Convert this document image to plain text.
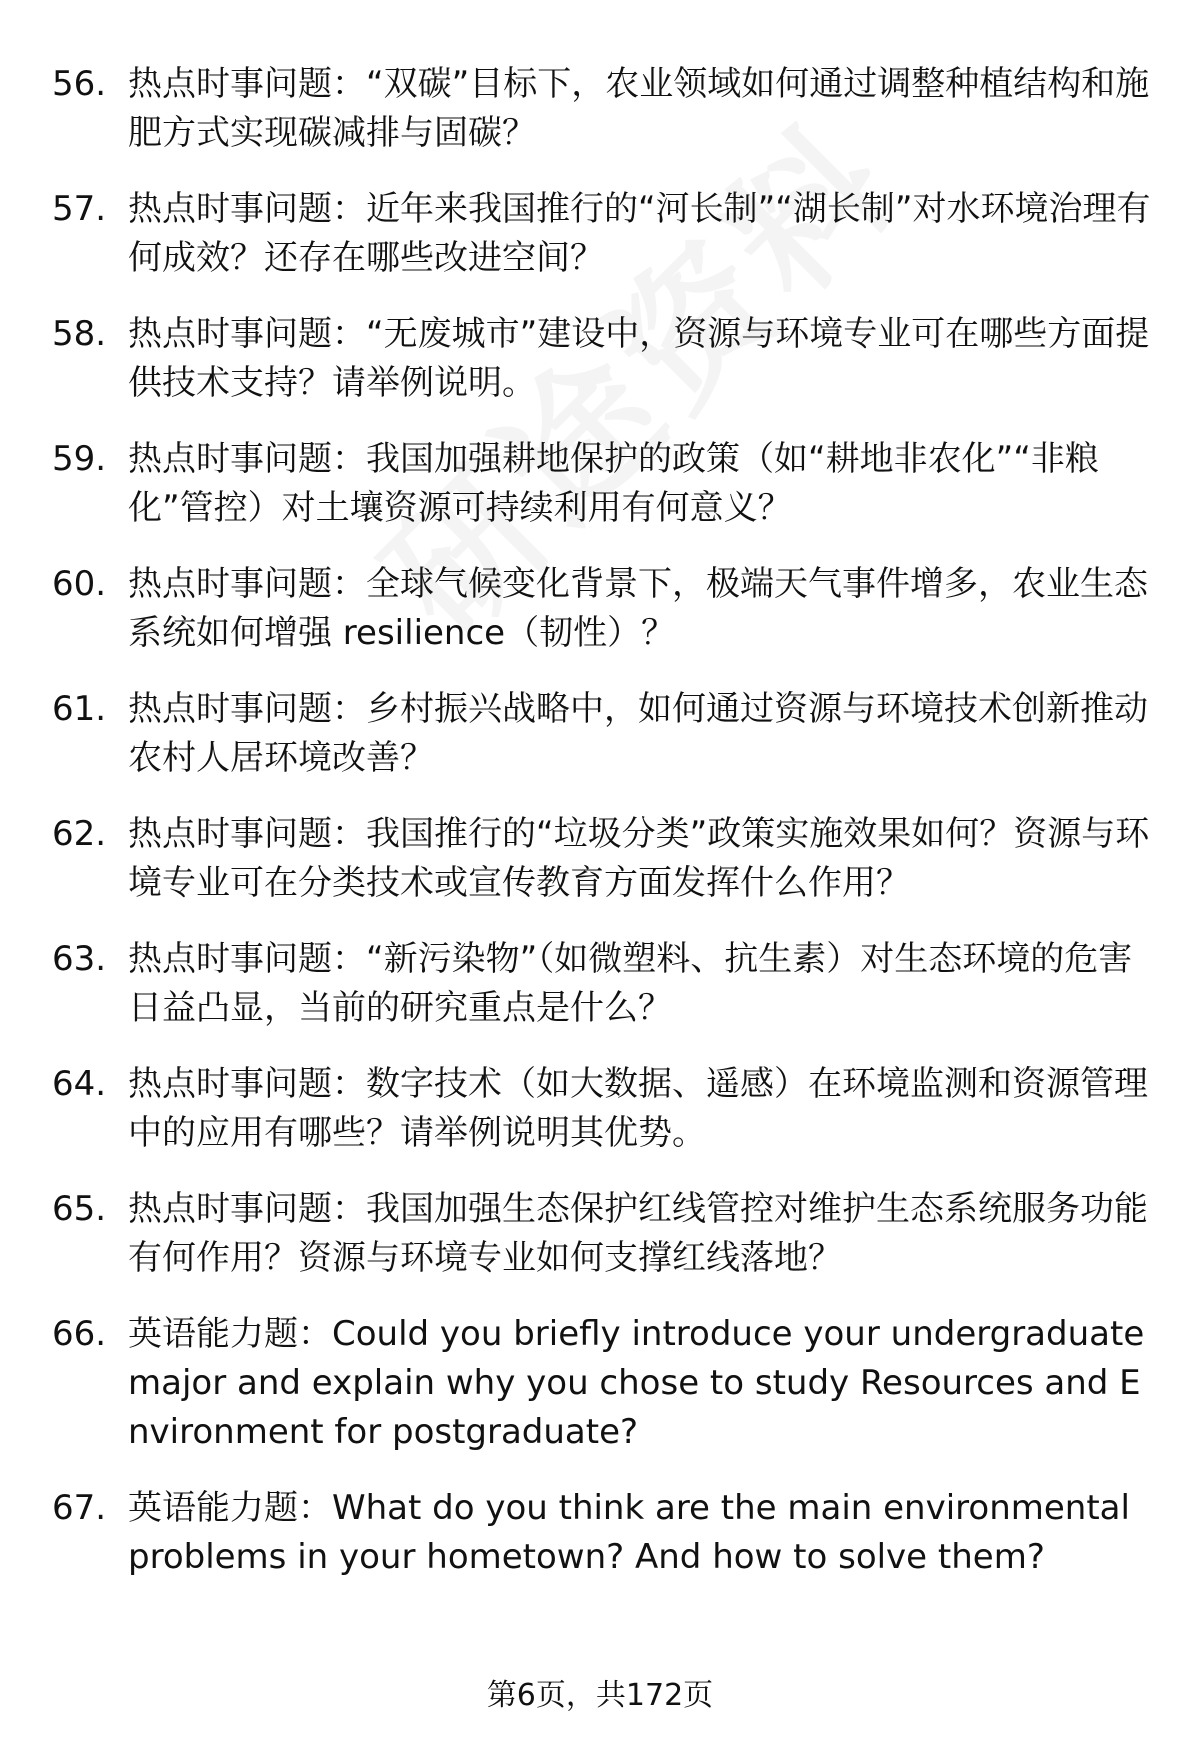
56. 热点时事问题：“双碳”目标下，农业领域如何通过调整种植结构和施肥方式实现碳减排与固碳？
57. 热点时事问题：近年来我国推行的“河长制”“湖长制”对水环境治理有何成效？还存在哪些改进空间？
58. 热点时事问题：“无废城市”建设中，资源与环境专业可在哪些方面提供技术支持？请举例说明。
59. 热点时事问题：我国加强耕地保护的政策（如“耕地非农化”“非粮化”管控）对土壤资源可持续利用有何意义？
60. 热点时事问题：全球气候变化背景下，极端天气事件增多，农业生态系统如何增强 resilience（韧性）？
61. 热点时事问题：乡村振兴战略中，如何通过资源与环境技术创新推动农村人居环境改善？
62. 热点时事问题：我国推行的“垃圾分类”政策实施效果如何？资源与环境专业可在分类技术或宣传教育方面发挥什么作用？
63. 热点时事问题：“新污染物”（如微塑料、抗生素）对生态环境的危害日益凸显，当前的研究重点是什么？
64. 热点时事问题：数字技术（如大数据、遥感）在环境监测和资源管理中的应用有哪些？请举例说明其优势。
65. 热点时事问题：我国加强生态保护红线管控对维护生态系统服务功能有何作用？资源与环境专业如何支撑红线落地？
66. 英语能力题：Could you briefly introduce your undergraduate major and explain why you chose to study Resources and Environment for postgraduate?
67. 英语能力题：What do you think are the main environmental problems in your hometown? And how to solve them?
第6页，共172页
